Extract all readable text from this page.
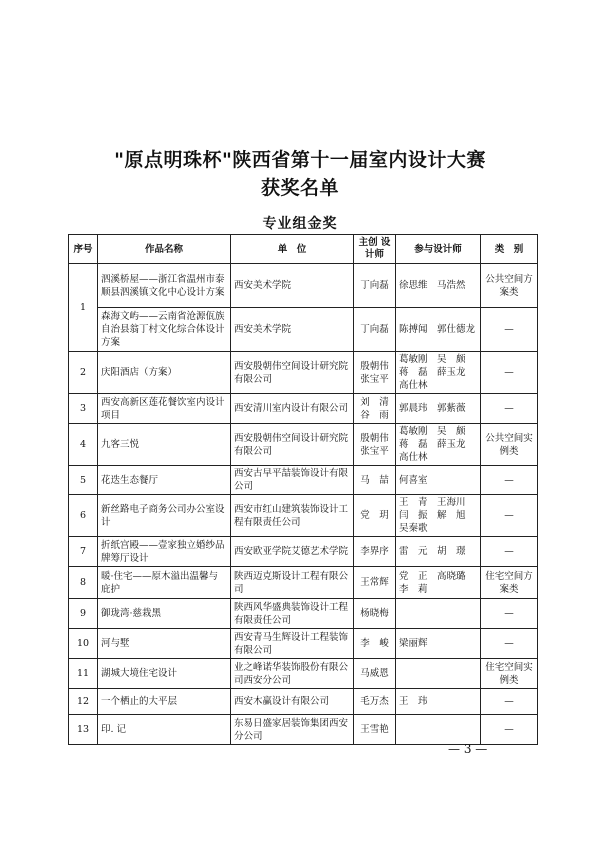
"原点明珠杯"陕西省第十一届室内设计大赛
获奖名单
专业组金奖
序号	作品名称	单　位	主创 设计师	参与设计师	类　别
1	泗溪桥屋——浙江省温州市泰顺县泗溪镇文化中心设计方案	西安美术学院	丁向磊	徐思维　马浩然	公共空间方案类
	森海文屿——云南省沧源佤族自治县翁丁村文化综合体设计方案	西安美术学院	丁向磊	陈搏闻　郭仕德龙	—
2	庆阳酒店（方案）	西安殷朝伟空间设计研究院有限公司	殷朝伟
张宝平	葛敏刚　吴　颇
蒋　磊　薛玉龙
高仕林	—
3	西安高新区莲花餐饮室内设计项目	西安清川室内设计有限公司	刘　清
谷　雨	郭晨玮　郭紫薇	—
4	九客三悦	西安殷朝伟空间设计研究院有限公司	殷朝伟
张宝平	葛敏刚　吴　颇
蒋　磊　薛玉龙
高仕林	公共空间实例类
5	花迭生态餐厅	西安古早平喆装饰设计有限公司	马　喆	何喜室	—
6	新丝路电子商务公司办公室设计	西安市红山建筑装饰设计工程有限责任公司	党　玥	王　青　王海川
闫　振　解　旭
吴秦歌	—
7	折纸宫殿——壹家独立婚纱品牌筹厅设计	西安欧亚学院艾德艺术学院	李界序	雷　元　胡　璟	—
8	暖·住宅——原木溢出温馨与庇护	陕西迈克斯设计工程有限公司	王常辉	党　正　高晓璐
李　莉	住宅空间方案类
9	御珑湾·慈栽黑	陕西风华盛典装饰设计工程有限责任公司	杨晓梅		—
10	河与墅	西安青马生辉设计工程装饰有限公司	李　峻	梁丽辉	—
11	湖城大境住宅设计	业之峰诺华装饰股份有限公司西安分公司	马威恩		住宅空间实例类
12	一个栖止的大平层	西安木赢设计有限公司	毛万杰	王　玮	—
13	印. 记	东易日盛家居装饰集团西安分公司	王雪艳		—
— 3 —
